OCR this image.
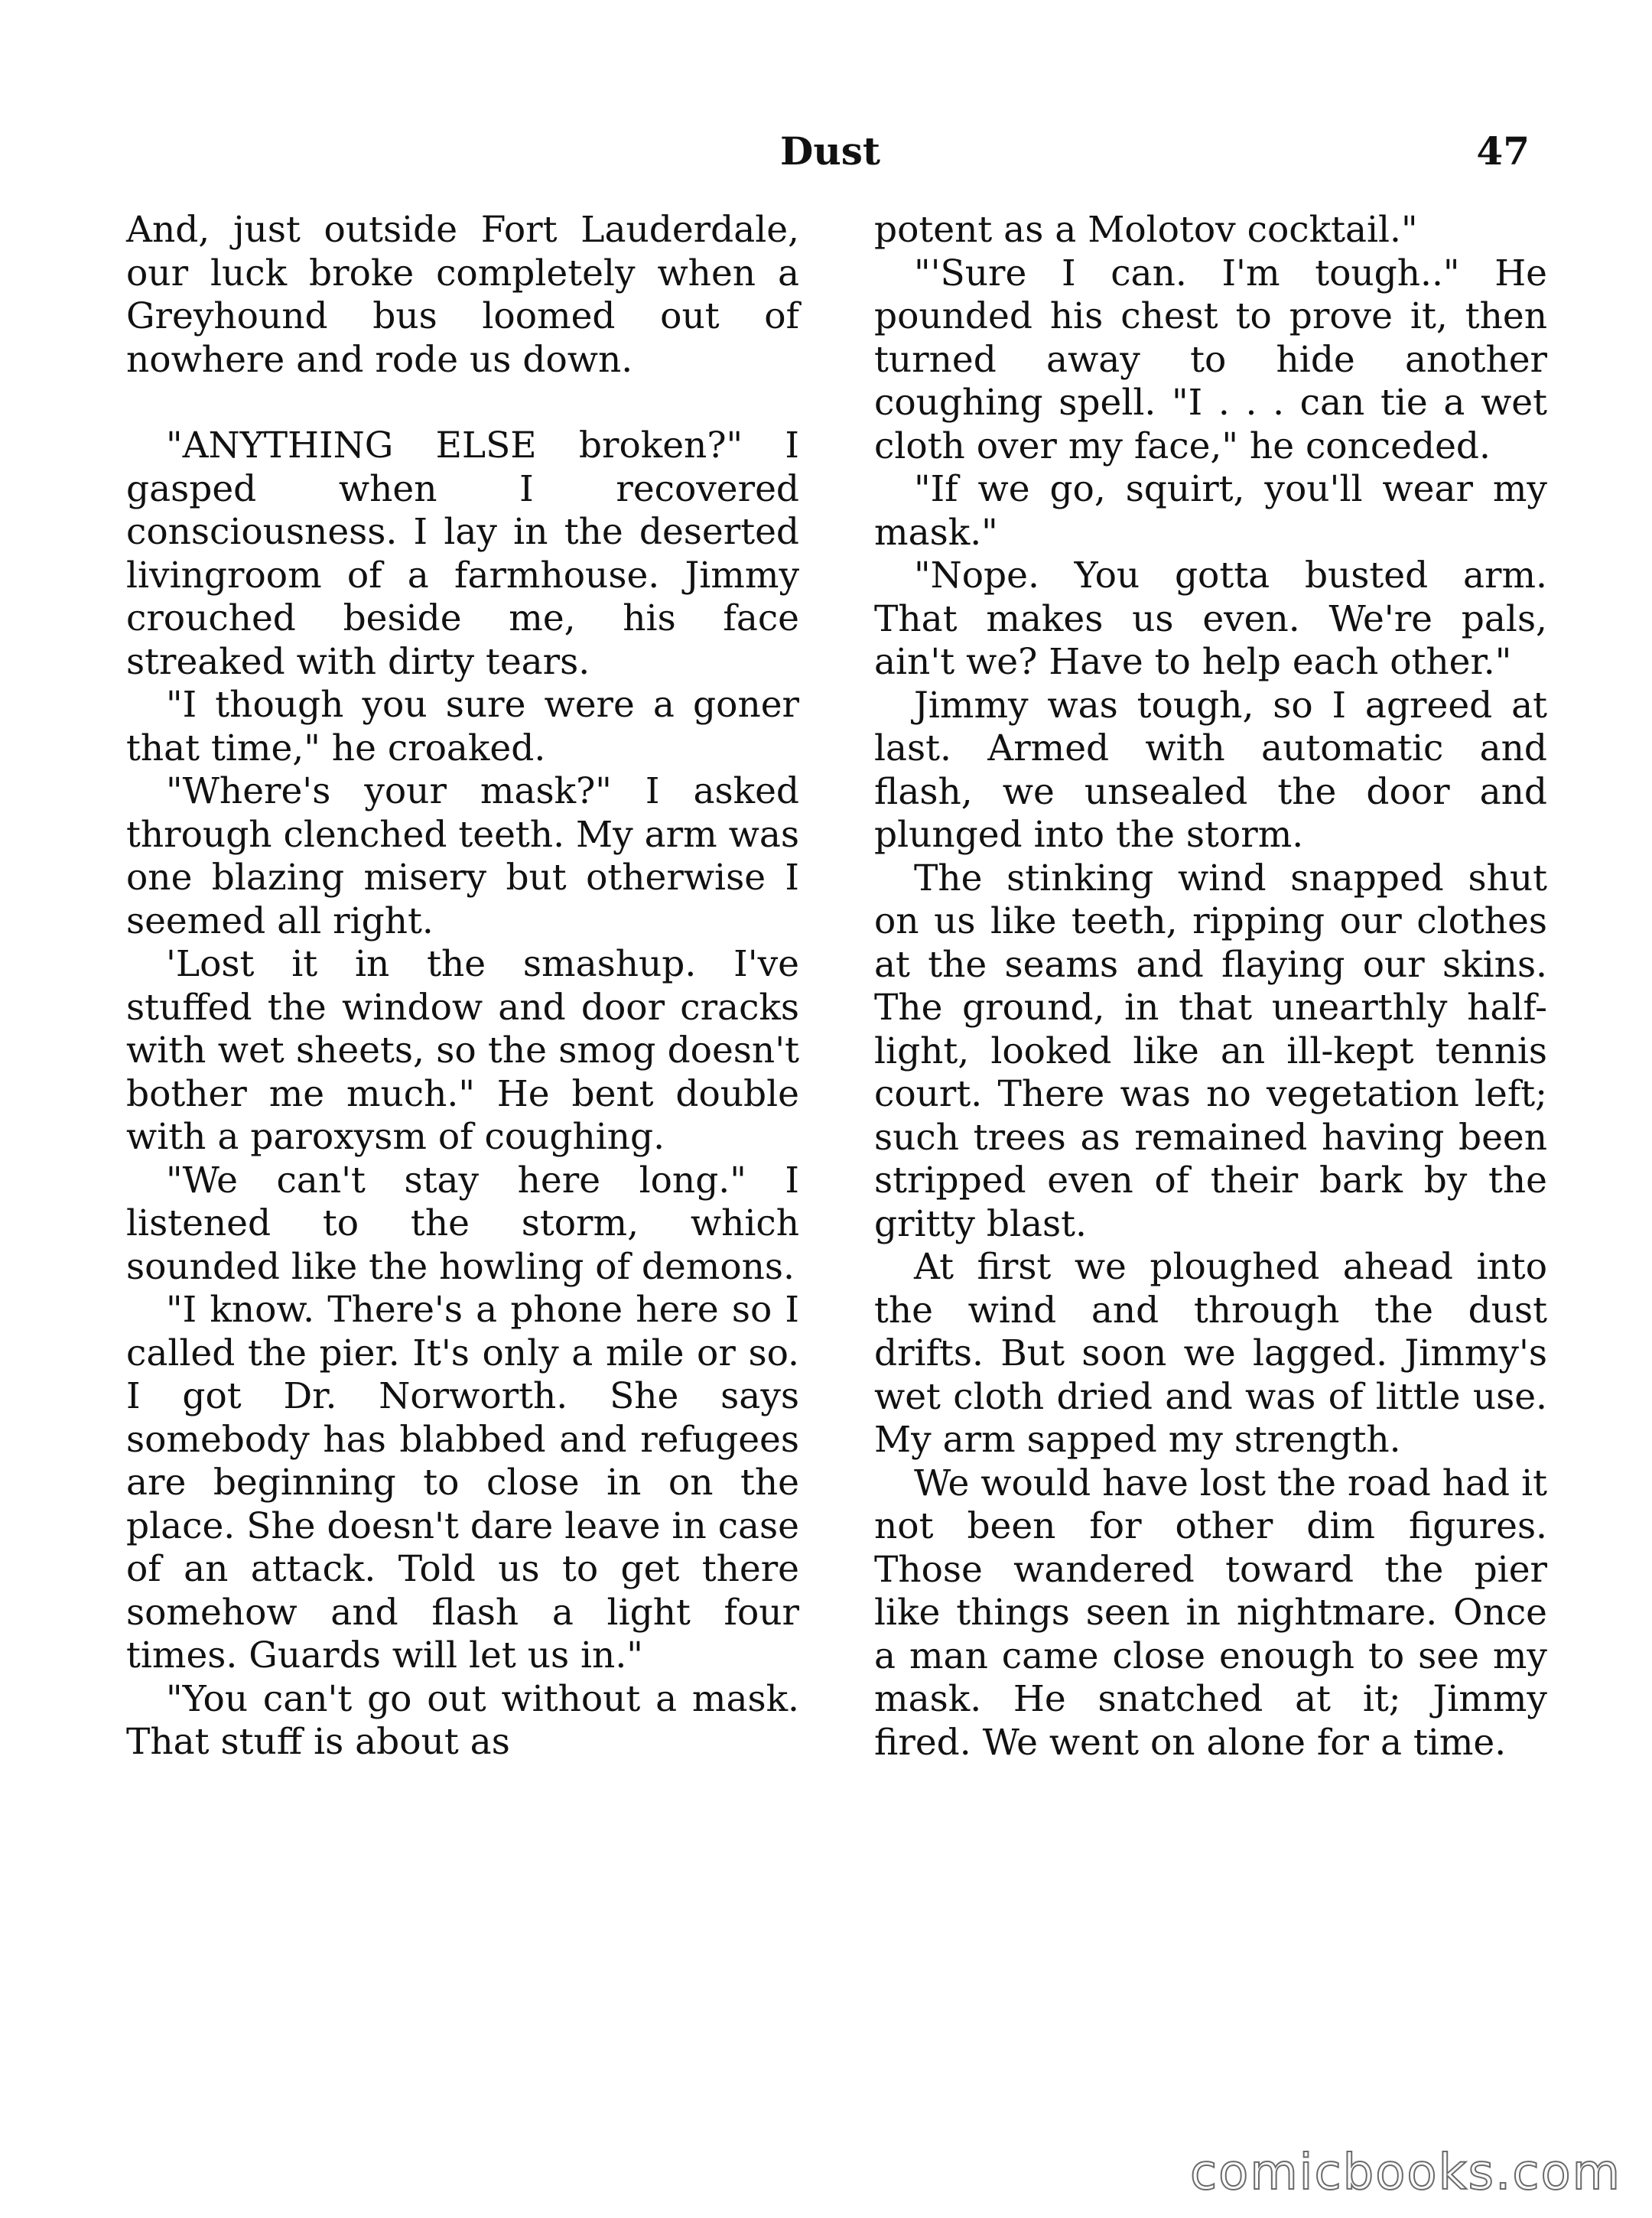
Dust	47

And, just outside Fort Lauderdale, our luck broke completely when a Greyhound bus loomed out of nowhere and rode us down.

"ANYTHING ELSE broken?" I gasped when I recovered consciousness. I lay in the deserted livingroom of a farmhouse. Jimmy crouched beside me, his face streaked with dirty tears.

"I though you sure were a goner that time," he croaked.

"Where's your mask?" I asked through clenched teeth. My arm was one blazing misery but otherwise I seemed all right.

'Lost it in the smashup. I've stuffed the window and door cracks with wet sheets, so the smog doesn't bother me much." He bent double with a paroxysm of coughing.

"We can't stay here long." I listened to the storm, which sounded like the howling of demons.

"I know. There's a phone here so I called the pier. It's only a mile or so. I got Dr. Norworth. She says somebody has blabbed and refugees are beginning to close in on the place. She doesn't dare leave in case of an attack. Told us to get there somehow and flash a light four times. Guards will let us in."

"You can't go out without a mask. That stuff is about as

potent as a Molotov cocktail."

"'Sure I can. I'm tough.." He pounded his chest to prove it, then turned away to hide another coughing spell. "I . . . can tie a wet cloth over my face," he conceded.

"If we go, squirt, you'll wear my mask."

"Nope. You gotta busted arm. That makes us even. We're pals, ain't we? Have to help each other."

Jimmy was tough, so I agreed at last. Armed with automatic and flash, we unsealed the door and plunged into the storm.

The stinking wind snapped shut on us like teeth, ripping our clothes at the seams and flaying our skins. The ground, in that unearthly half-light, looked like an ill-kept tennis court. There was no vegetation left; such trees as remained having been stripped even of their bark by the gritty blast.

At first we ploughed ahead into the wind and through the dust drifts. But soon we lagged. Jimmy's wet cloth dried and was of little use. My arm sapped my strength.

We would have lost the road had it not been for other dim figures. Those wandered toward the pier like things seen in nightmare. Once a man came close enough to see my mask. He snatched at it; Jimmy fired. We went on alone for a time.

comicbooks.com
